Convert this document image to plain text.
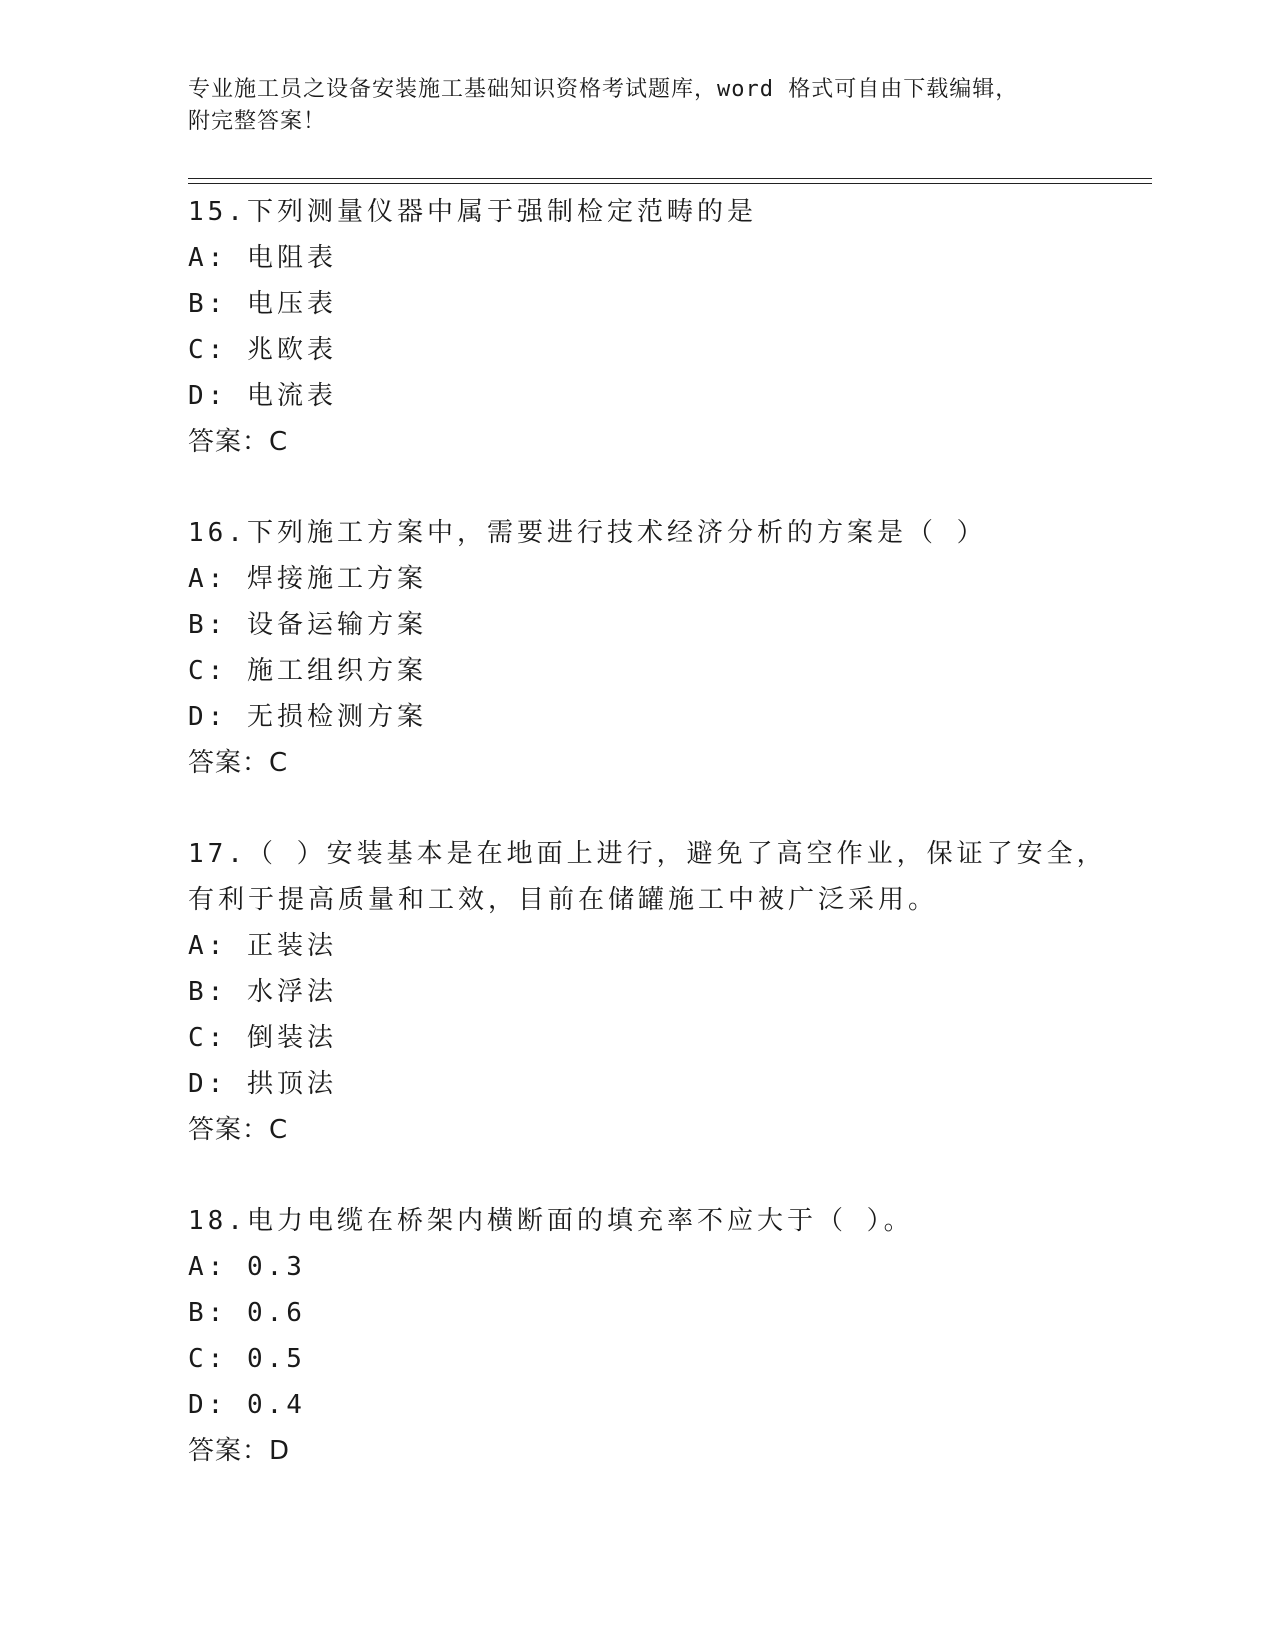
专业施工员之设备安装施工基础知识资格考试题库，word 格式可自由下载编辑，
附完整答案！
15.下列测量仪器中属于强制检定范畴的是
A: 电阻表
B: 电压表
C: 兆欧表
D: 电流表
答案：C
16.下列施工方案中，需要进行技术经济分析的方案是（ ）
A: 焊接施工方案
B: 设备运输方案
C: 施工组织方案
D: 无损检测方案
答案：C
17.（ ）安装基本是在地面上进行，避免了高空作业，保证了安全，
有利于提高质量和工效，目前在储罐施工中被广泛采用。
A: 正装法
B: 水浮法
C: 倒装法
D: 拱顶法
答案：C
18.电力电缆在桥架内横断面的填充率不应大于（ ）。
A: 0.3
B: 0.6
C: 0.5
D: 0.4
答案：D
